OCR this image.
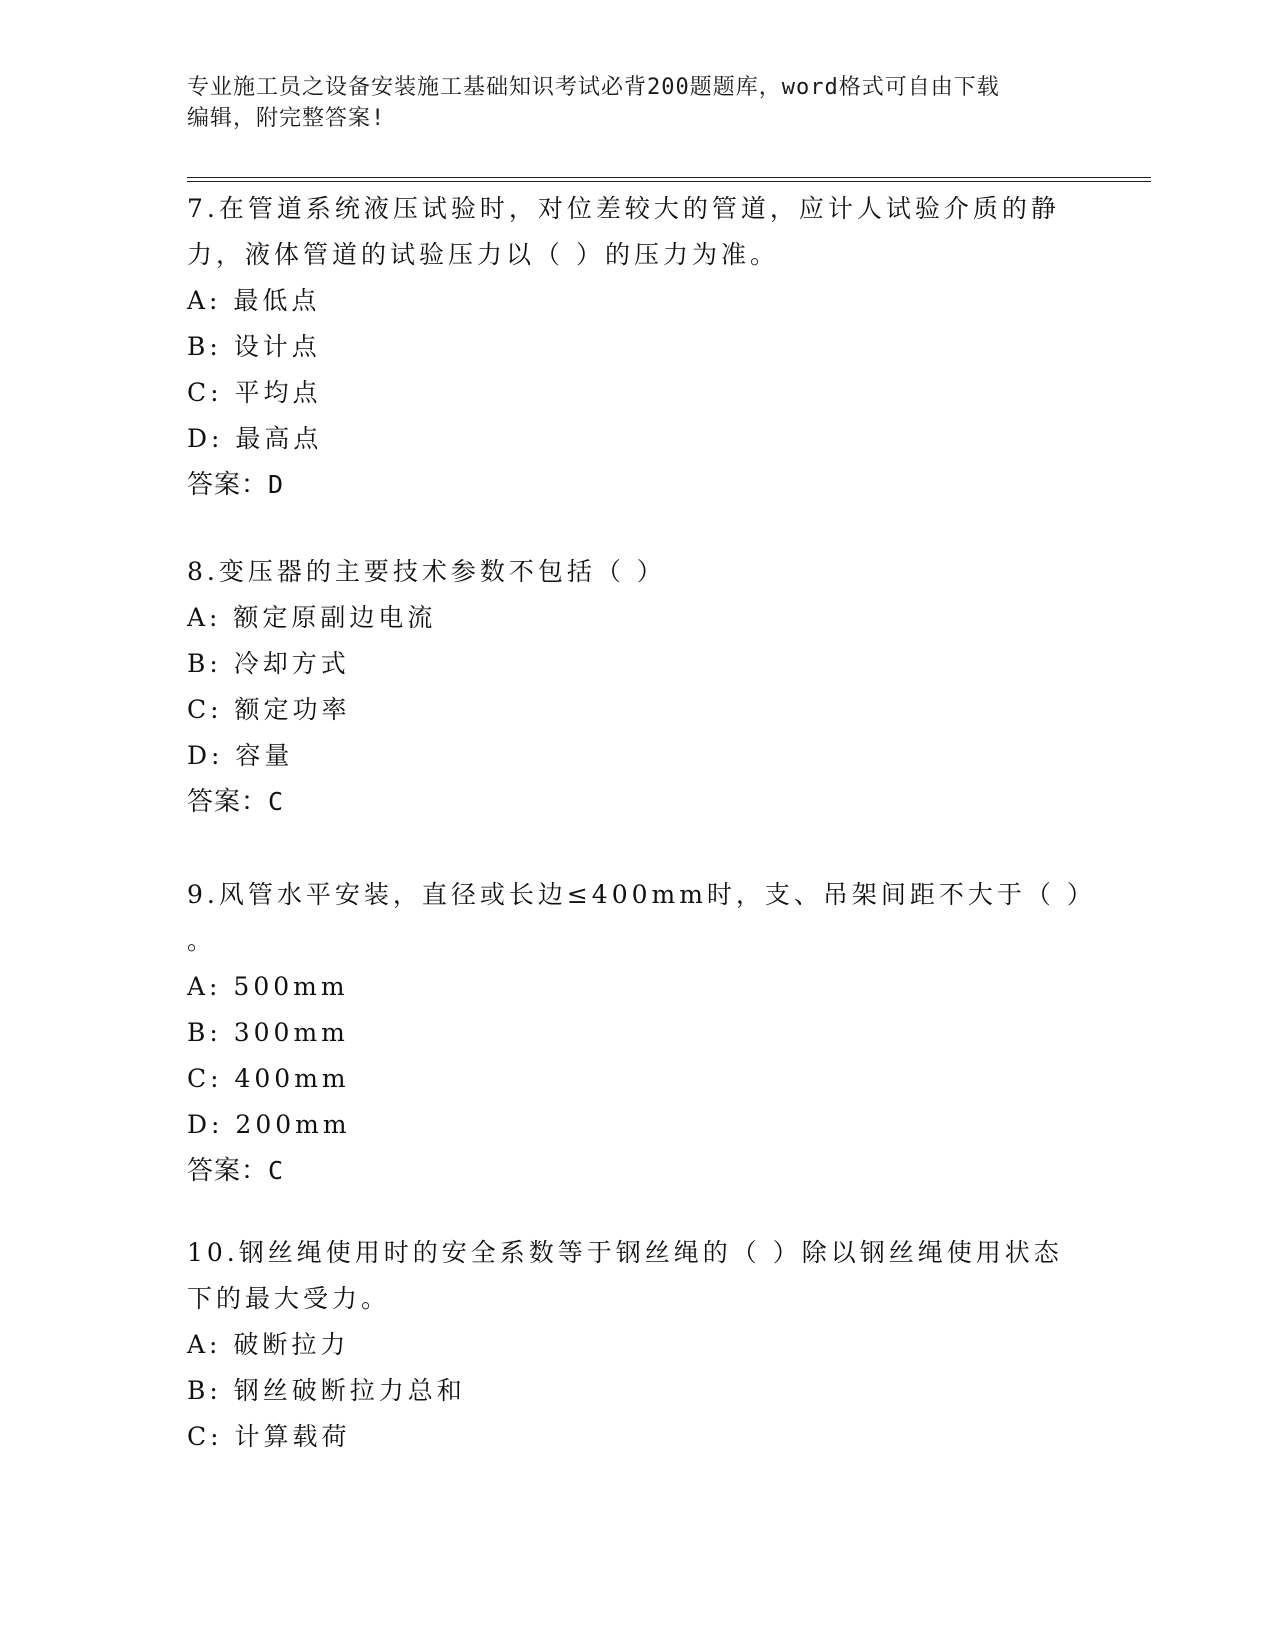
专业施工员之设备安装施工基础知识考试必背200题题库，word格式可自由下载
编辑，附完整答案!
7.在管道系统液压试验时，对位差较大的管道，应计人试验介质的静
力，液体管道的试验压力以（ ）的压力为准。
A: 最低点
B: 设计点
C: 平均点
D: 最高点
答案：D
8.变压器的主要技术参数不包括（ ）
A: 额定原副边电流
B: 冷却方式
C: 额定功率
D: 容量
答案：C
9.风管水平安装，直径或长边≤400mm时，支、吊架间距不大于（ ）
。
A: 500mm
B: 300mm
C: 400mm
D: 200mm
答案：C
10.钢丝绳使用时的安全系数等于钢丝绳的（ ）除以钢丝绳使用状态
下的最大受力。
A: 破断拉力
B: 钢丝破断拉力总和
C: 计算载荷
